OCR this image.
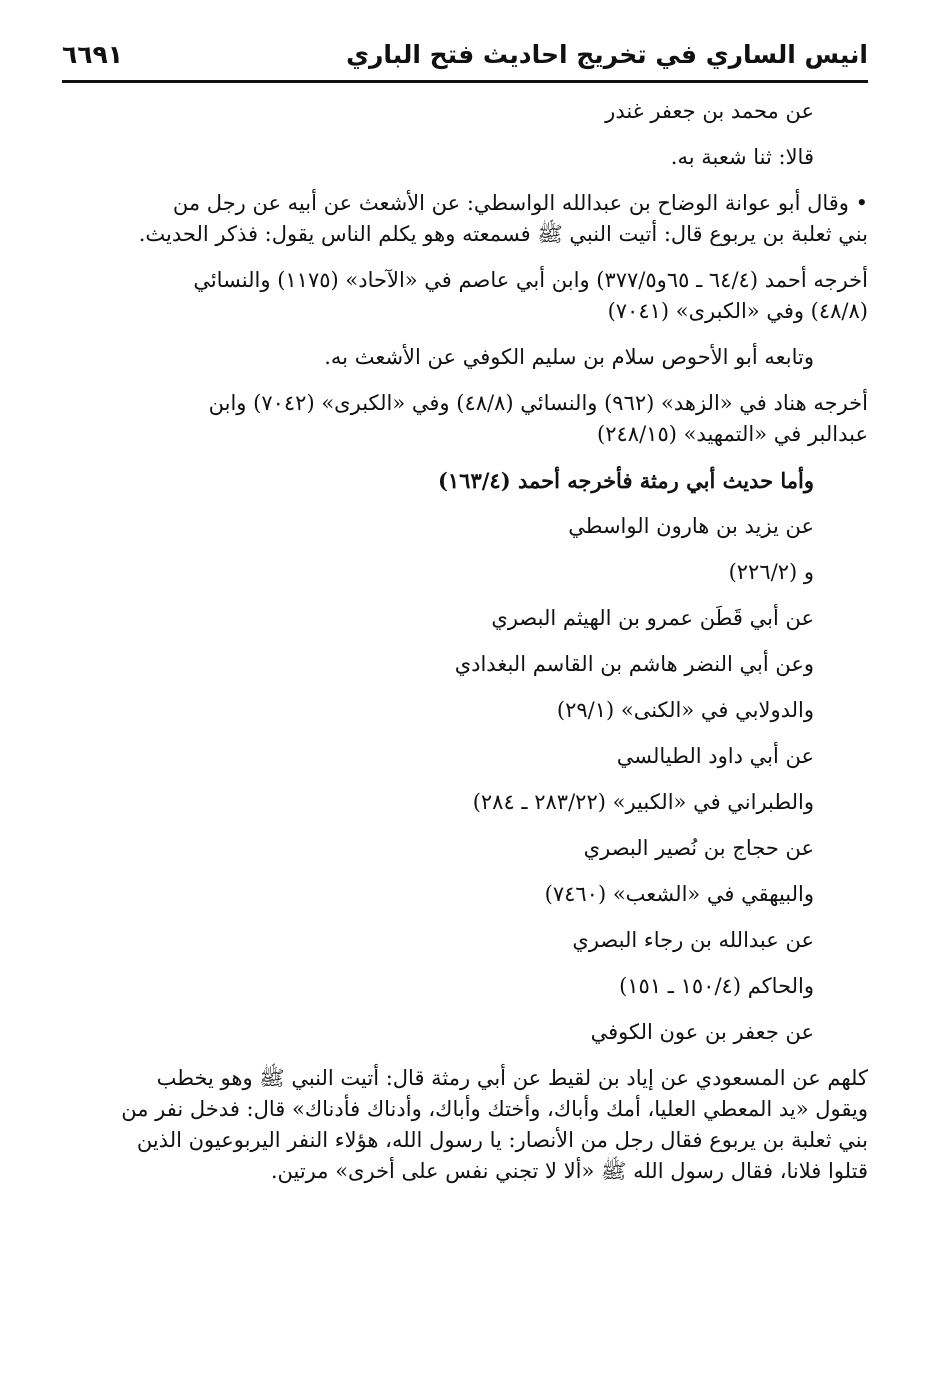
انيس الساري في تخريج احاديث فتح الباري
٦٦٩١
عن محمد بن جعفر غندر
قالا: ثنا شعبة به.
• وقال أبو عوانة الوضاح بن عبدالله الواسطي: عن الأشعث عن أبيه عن رجل من
بني ثعلبة بن يربوع قال: أتيت النبي ﷺ فسمعته وهو يكلم الناس يقول: فذكر الحديث.
أخرجه أحمد (٦٤/٤ ـ ٦٥و٣٧٧/٥) وابن أبي عاصم في «الآحاد» (١١٧٥) والنسائي
(٤٨/٨) وفي «الكبرى» (٧٠٤١)
وتابعه أبو الأحوص سلام بن سليم الكوفي عن الأشعث به.
أخرجه هناد في «الزهد» (٩٦٢) والنسائي (٤٨/٨) وفي «الكبرى» (٧٠٤٢) وابن
عبدالبر في «التمهيد» (٢٤٨/١٥)
وأما حديث أبي رمثة فأخرجه أحمد (١٦٣/٤)
عن يزيد بن هارون الواسطي
و (٢٢٦/٢)
عن أبي قَطَن عمرو بن الهيثم البصري
وعن أبي النضر هاشم بن القاسم البغدادي
والدولابي في «الكنى» (٢٩/١)
عن أبي داود الطيالسي
والطبراني في «الكبير» (٢٨٣/٢٢ ـ ٢٨٤)
عن حجاج بن نُصير البصري
والبيهقي في «الشعب» (٧٤٦٠)
عن عبدالله بن رجاء البصري
والحاكم (١٥٠/٤ ـ ١٥١)
عن جعفر بن عون الكوفي
كلهم عن المسعودي عن إياد بن لقيط عن أبي رمثة قال: أتيت النبي ﷺ وهو يخطب
ويقول «يد المعطي العليا، أمك وأباك، وأختك وأباك، وأدناك فأدناك» قال: فدخل نفر من
بني ثعلبة بن يربوع فقال رجل من الأنصار: يا رسول الله، هؤلاء النفر اليربوعيون الذين
قتلوا فلانا، فقال رسول الله ﷺ «ألا لا تجني نفس على أخرى» مرتين.
